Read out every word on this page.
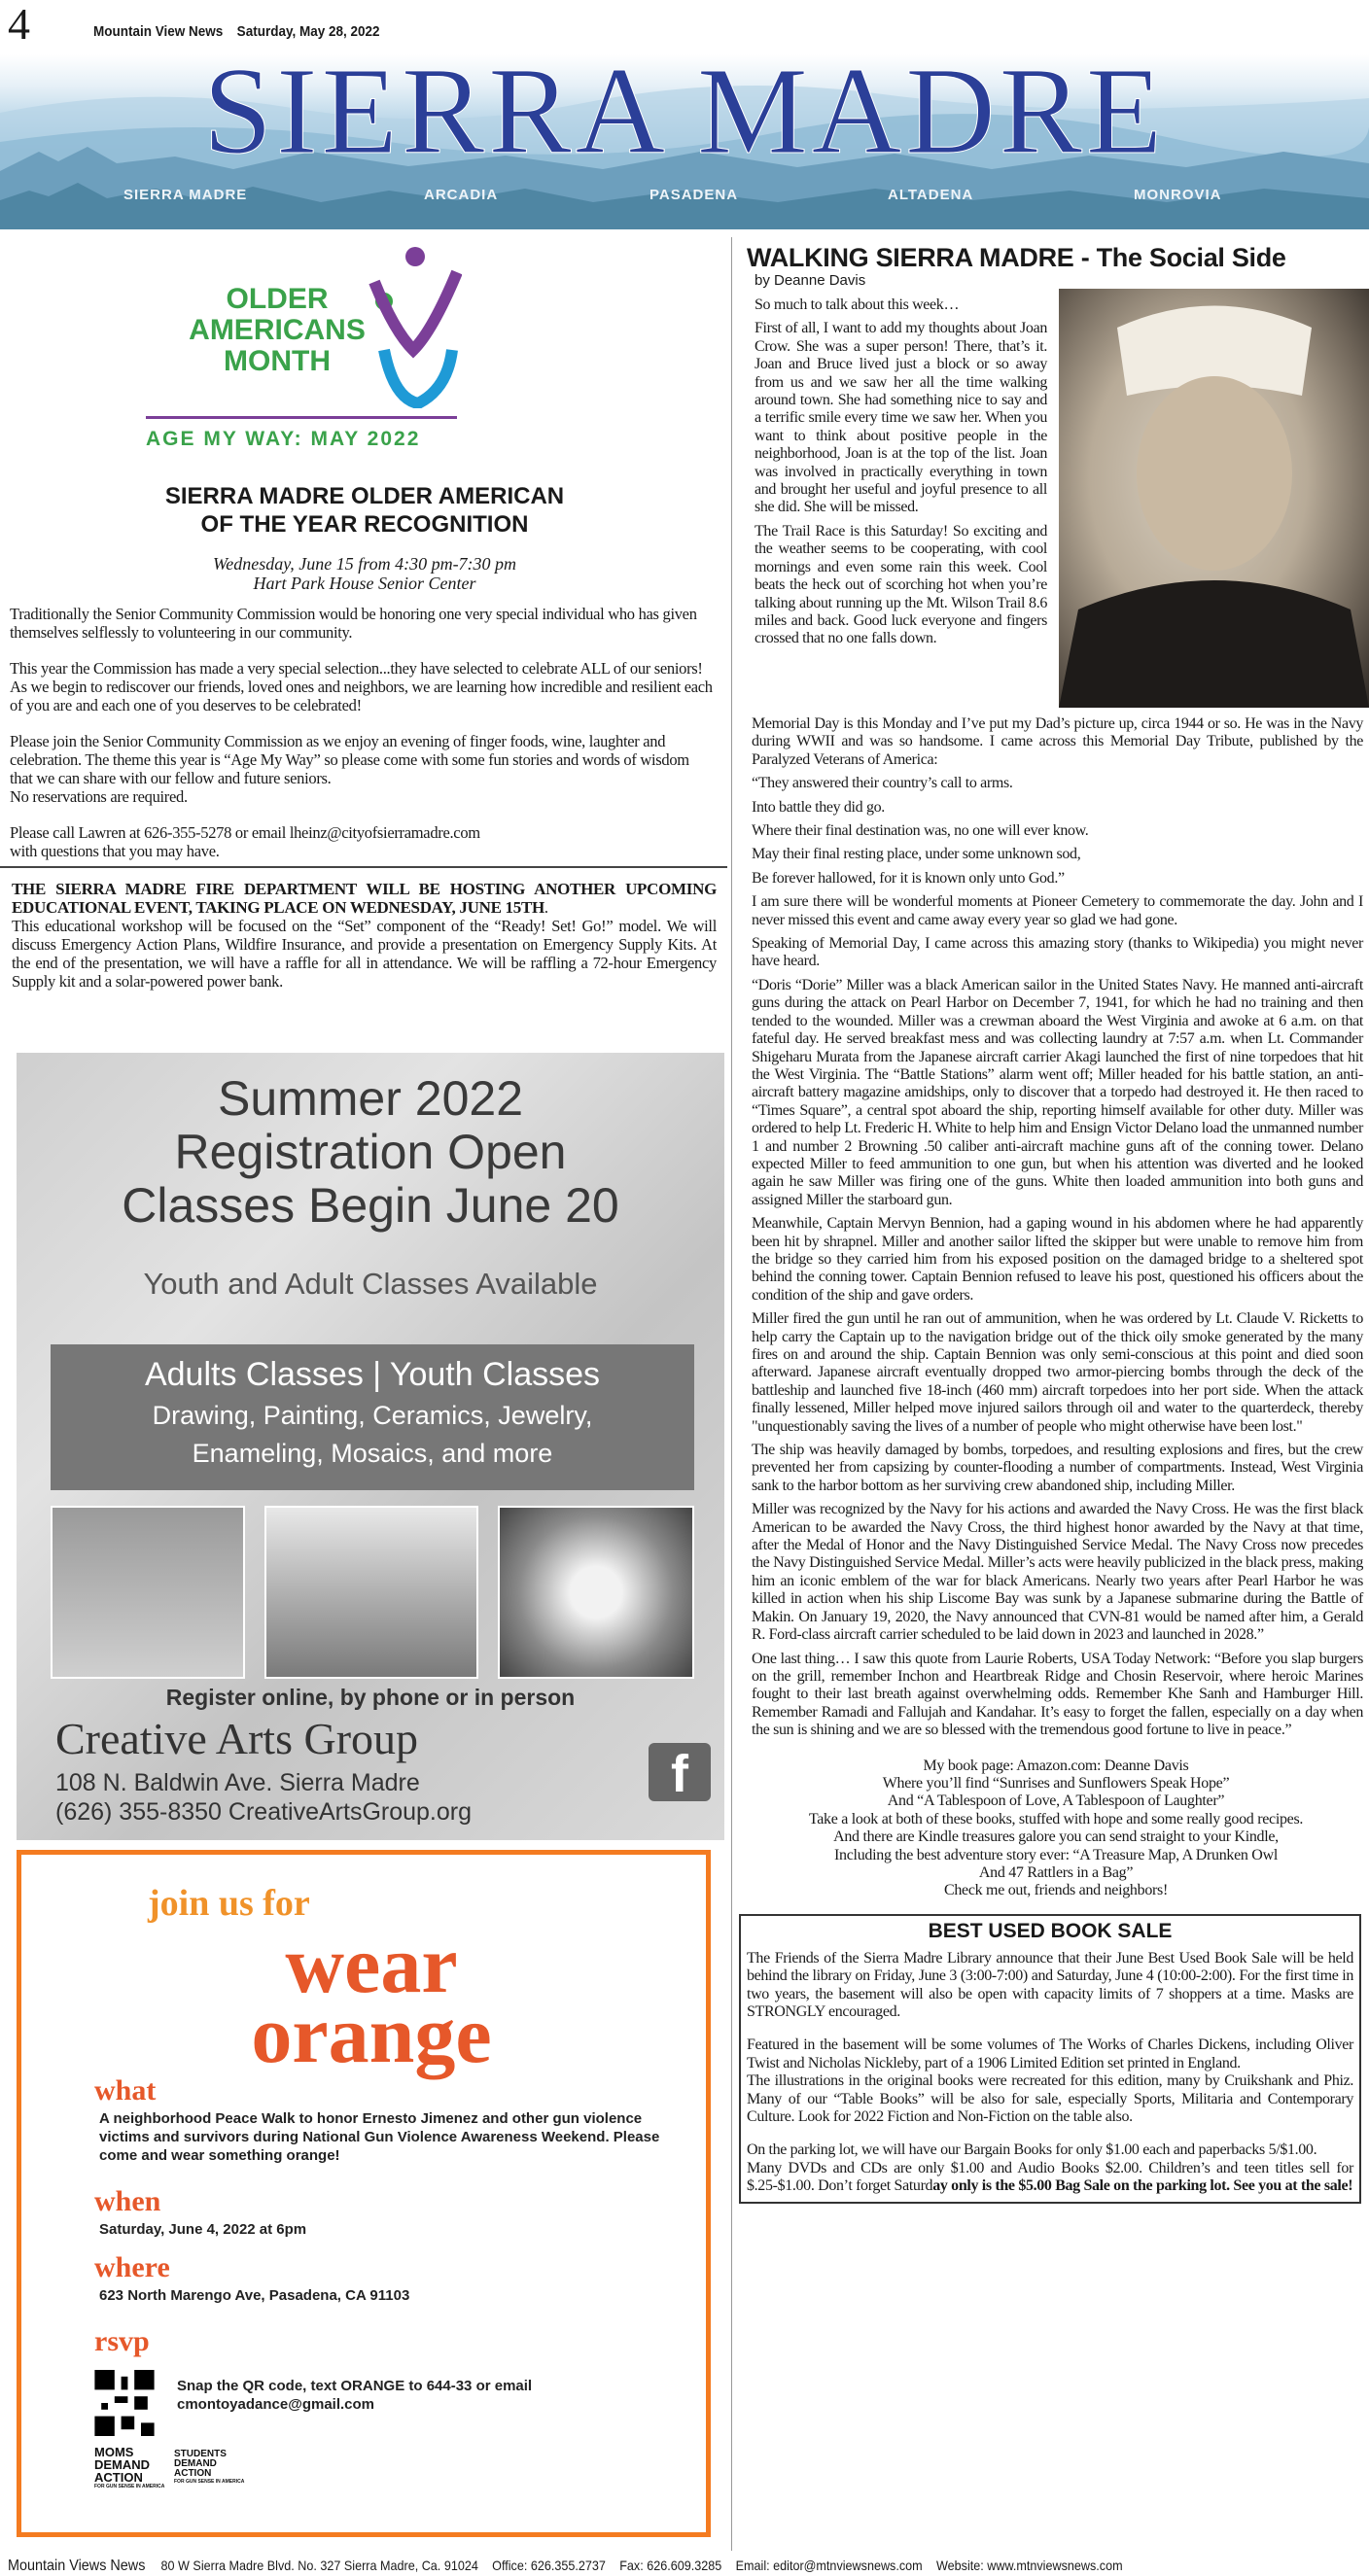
4	Mountain View News Saturday, May 28, 2022
SIERRA MADRE
SIERRA MADRE	ARCADIA	PASADENA	ALTADENA	MONROVIA
OLDER
AMERICANS
MONTH
AGE MY WAY: MAY 2022
SIERRA MADRE OLDER AMERICAN
OF THE YEAR RECOGNITION
Wednesday, June 15 from 4:30 pm-7:30 pm
Hart Park House Senior Center

Traditionally the Senior Community Commission would be honoring one very special individual who has given themselves selflessly to volunteering in our community.

This year the Commission has made a very special selection...they have selected to celebrate ALL of our seniors! As we begin to rediscover our friends, loved ones and neighbors, we are learning how incredible and resilient each of you are and each one of you deserves to be celebrated!

Please join the Senior Community Commission as we enjoy an evening of finger foods, wine, laughter and celebration. The theme this year is “Age My Way” so please come with some fun stories and words of wisdom that we can share with our fellow and future seniors.

No reservations are required.

Please call Lawren at 626-355-5278 or email lheinz@cityofsierramadre.com

with questions that you may have.

THE SIERRA MADRE FIRE DEPARTMENT WILL BE HOSTING ANOTHER UPCOMING EDUCATIONAL EVENT, TAKING PLACE ON WEDNESDAY, JUNE 15TH.
This educational workshop will be focused on the “Set” component of the “Ready! Set! Go!” model. We will discuss Emergency Action Plans, Wildfire Insurance, and provide a presentation on Emergency Supply Kits. At the end of the presentation, we will have a raffle for all in attendance. We will be raffling a 72-hour Emergency Supply kit and a solar-powered power bank.
Summer 2022
Registration Open
Classes Begin June 20
Youth and Adult Classes Available
Adults Classes | Youth Classes
Drawing, Painting, Ceramics, Jewelry,
Enameling, Mosaics, and more
Register online, by phone or in person
Creative Arts Group
108 N. Baldwin Ave. Sierra Madre
(626) 355-8350 CreativeArtsGroup.org
f
join us for
wear
orange
what
A neighborhood Peace Walk to honor Ernesto Jimenez and other gun violence victims and survivors during National Gun Violence Awareness Weekend. Please come and wear something orange!
when
Saturday, June 4, 2022 at 6pm
where
623 North Marengo Ave, Pasadena, CA 91103
rsvp
Snap the QR code, text ORANGE to 644-33 or email cmontoyadance@gmail.com
MOMS
DEMAND
ACTION
FOR GUN SENSE IN AMERICA
STUDENTS
DEMAND
ACTION
FOR GUN SENSE IN AMERICA
WALKING SIERRA MADRE - The Social Side
by Deanne Davis

So much to talk about this week…

First of all, I want to add my thoughts about Joan Crow. She was a super person! There, that’s it. Joan and Bruce lived just a block or so away from us and we saw her all the time walking around town. She had something nice to say and a terrific smile every time we saw her. When you want to think about positive people in the neighborhood, Joan is at the top of the list. Joan was involved in practically everything in town and brought her useful and joyful presence to all she did. She will be missed.

The Trail Race is this Saturday! So exciting and the weather seems to be cooperating, with cool mornings and even some rain this week. Cool beats the heck out of scorching hot when you’re talking about running up the Mt. Wilson Trail 8.6 miles and back. Good luck everyone and fingers crossed that no one falls down.

Memorial Day is this Monday and I’ve put my Dad’s picture up, circa 1944 or so. He was in the Navy during WWII and was so handsome. I came across this Memorial Day Tribute, published by the Paralyzed Veterans of America:

“They answered their country’s call to arms.

Into battle they did go.

Where their final destination was, no one will ever know.

May their final resting place, under some unknown sod,

Be forever hallowed, for it is known only unto God.”

I am sure there will be wonderful moments at Pioneer Cemetery to commemorate the day. John and I never missed this event and came away every year so glad we had gone.

Speaking of Memorial Day, I came across this amazing story (thanks to Wikipedia) you might never have heard.

“Doris “Dorie” Miller was a black American sailor in the United States Navy. He manned anti-aircraft guns during the attack on Pearl Harbor on December 7, 1941, for which he had no training and then tended to the wounded. Miller was a crewman aboard the West Virginia and awoke at 6 a.m. on that fateful day. He served breakfast mess and was collecting laundry at 7:57 a.m. when Lt. Commander Shigeharu Murata from the Japanese aircraft carrier Akagi launched the first of nine torpedoes that hit the West Virginia. The “Battle Stations” alarm went off; Miller headed for his battle station, an anti-aircraft battery magazine amidships, only to discover that a torpedo had destroyed it. He then raced to “Times Square”, a central spot aboard the ship, reporting himself available for other duty. Miller was ordered to help Lt. Frederic H. White to help him and Ensign Victor Delano load the unmanned number 1 and number 2 Browning .50 caliber anti-aircraft machine guns aft of the conning tower. Delano expected Miller to feed ammunition to one gun, but when his attention was diverted and he looked again he saw Miller was firing one of the guns. White then loaded ammunition into both guns and assigned Miller the starboard gun.

Meanwhile, Captain Mervyn Bennion, had a gaping wound in his abdomen where he had apparently been hit by shrapnel. Miller and another sailor lifted the skipper but were unable to remove him from the bridge so they carried him from his exposed position on the damaged bridge to a sheltered spot behind the conning tower. Captain Bennion refused to leave his post, questioned his officers about the condition of the ship and gave orders.

Miller fired the gun until he ran out of ammunition, when he was ordered by Lt. Claude V. Ricketts to help carry the Captain up to the navigation bridge out of the thick oily smoke generated by the many fires on and around the ship. Captain Bennion was only semi-conscious at this point and died soon afterward. Japanese aircraft eventually dropped two armor-piercing bombs through the deck of the battleship and launched five 18-inch (460 mm) aircraft torpedoes into her port side. When the attack finally lessened, Miller helped move injured sailors through oil and water to the quarterdeck, thereby "unquestionably saving the lives of a number of people who might otherwise have been lost."

The ship was heavily damaged by bombs, torpedoes, and resulting explosions and fires, but the crew prevented her from capsizing by counter-flooding a number of compartments. Instead, West Virginia sank to the harbor bottom as her surviving crew abandoned ship, including Miller.

Miller was recognized by the Navy for his actions and awarded the Navy Cross. He was the first black American to be awarded the Navy Cross, the third highest honor awarded by the Navy at that time, after the Medal of Honor and the Navy Distinguished Service Medal. The Navy Cross now precedes the Navy Distinguished Service Medal. Miller’s acts were heavily publicized in the black press, making him an iconic emblem of the war for black Americans. Nearly two years after Pearl Harbor he was killed in action when his ship Liscome Bay was sunk by a Japanese submarine during the Battle of Makin. On January 19, 2020, the Navy announced that CVN-81 would be named after him, a Gerald R. Ford-class aircraft carrier scheduled to be laid down in 2023 and launched in 2028.”

One last thing… I saw this quote from Laurie Roberts, USA Today Network: “Before you slap burgers on the grill, remember Inchon and Heartbreak Ridge and Chosin Reservoir, where heroic Marines fought to their last breath against overwhelming odds. Remember Khe Sanh and Hamburger Hill. Remember Ramadi and Fallujah and Kandahar. It’s easy to forget the fallen, especially on a day when the sun is shining and we are so blessed with the tremendous good fortune to live in peace.”

My book page: Amazon.com: Deanne Davis
Where you’ll find “Sunrises and Sunflowers Speak Hope”
And “A Tablespoon of Love, A Tablespoon of Laughter”
Take a look at both of these books, stuffed with hope and some really good recipes.
And there are Kindle treasures galore you can send straight to your Kindle,
Including the best adventure story ever: “A Treasure Map, A Drunken Owl
And 47 Rattlers in a Bag”
Check me out, friends and neighbors!
BEST USED BOOK SALE

The Friends of the Sierra Madre Library announce that their June Best Used Book Sale will be held behind the library on Friday, June 3 (3:00-7:00) and Saturday, June 4 (10:00-2:00). For the first time in two years, the basement will also be open with capacity limits of 7 shoppers at a time. Masks are STRONGLY encouraged.

Featured in the basement will be some volumes of The Works of Charles Dickens, including Oliver Twist and Nicholas Nickleby, part of a 1906 Limited Edition set printed in England.

The illustrations in the original books were recreated for this edition, many by Cruikshank and Phiz. Many of our “Table Books” will be also for sale, especially Sports, Militaria and Contemporary Culture. Look for 2022 Fiction and Non-Fiction on the table also.

On the parking lot, we will have our Bargain Books for only $1.00 each and paperbacks 5/$1.00.

Many DVDs and CDs are only $1.00 and Audio Books $2.00. Children’s and teen titles sell for $.25-$1.00. Don’t forget Saturday only is the $5.00 Bag Sale on the parking lot. See you at the sale!

Mountain Views News 80 W Sierra Madre Blvd. No. 327 Sierra Madre, Ca. 91024 Office: 626.355.2737 Fax: 626.609.3285 Email: editor@mtnviewsnews.com Website: www.mtnviewsnews.com
